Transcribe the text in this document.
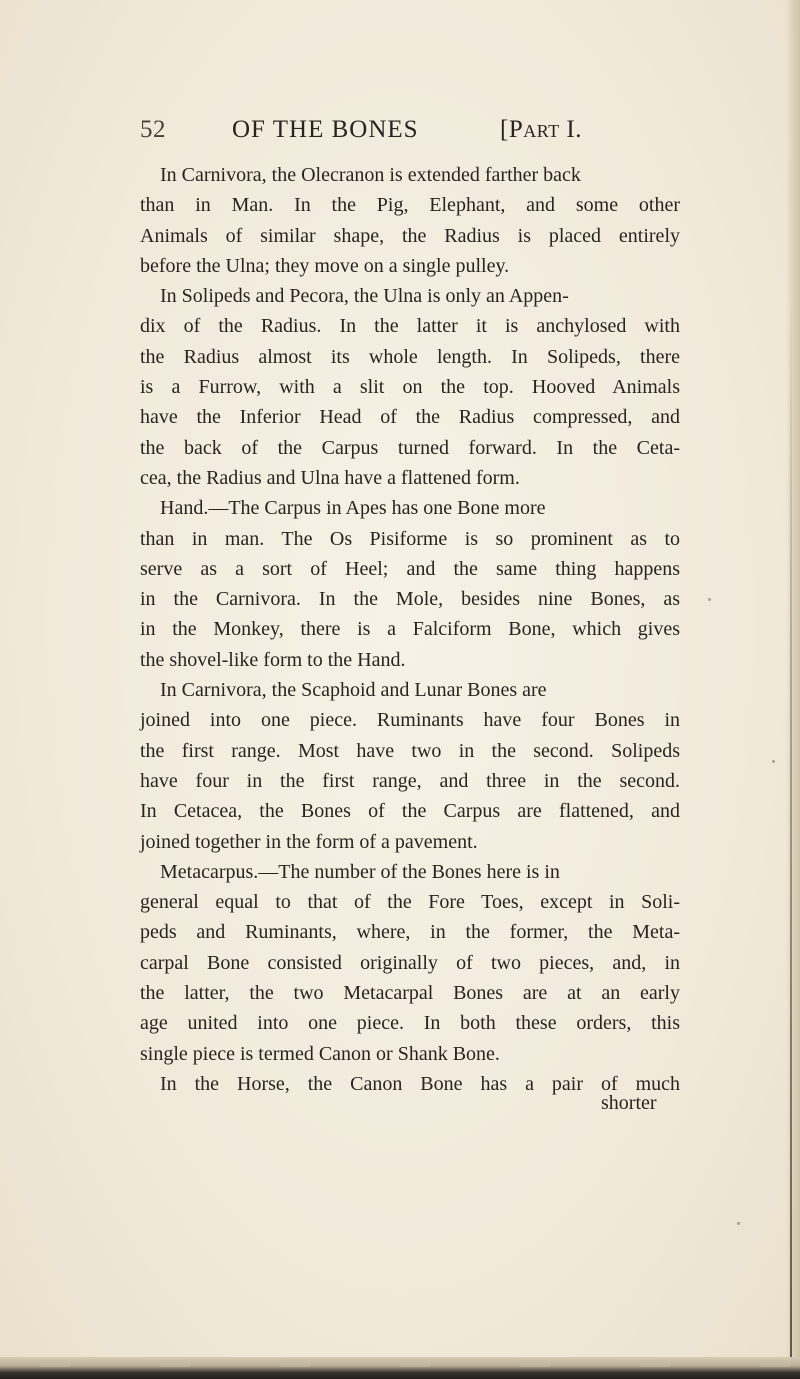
52	OF THE BONES	[Part I.
In Carnivora, the Olecranon is extended farther back
than in Man. In the Pig, Elephant, and some other
Animals of similar shape, the Radius is placed entirely
before the Ulna; they move on a single pulley.
In Solipeds and Pecora, the Ulna is only an Appen-
dix of the Radius. In the latter it is anchylosed with
the Radius almost its whole length. In Solipeds, there
is a Furrow, with a slit on the top. Hooved Animals
have the Inferior Head of the Radius compressed, and
the back of the Carpus turned forward. In the Ceta-
cea, the Radius and Ulna have a flattened form.
Hand.—The Carpus in Apes has one Bone more
than in man. The Os Pisiforme is so prominent as to
serve as a sort of Heel; and the same thing happens
in the Carnivora. In the Mole, besides nine Bones, as
in the Monkey, there is a Falciform Bone, which gives
the shovel-like form to the Hand.
In Carnivora, the Scaphoid and Lunar Bones are
joined into one piece. Ruminants have four Bones in
the first range. Most have two in the second. Solipeds
have four in the first range, and three in the second.
In Cetacea, the Bones of the Carpus are flattened, and
joined together in the form of a pavement.
Metacarpus.—The number of the Bones here is in
general equal to that of the Fore Toes, except in Soli-
peds and Ruminants, where, in the former, the Meta-
carpal Bone consisted originally of two pieces, and, in
the latter, the two Metacarpal Bones are at an early
age united into one piece. In both these orders, this
single piece is termed Canon or Shank Bone.
In the Horse, the Canon Bone has a pair of much
shorter
